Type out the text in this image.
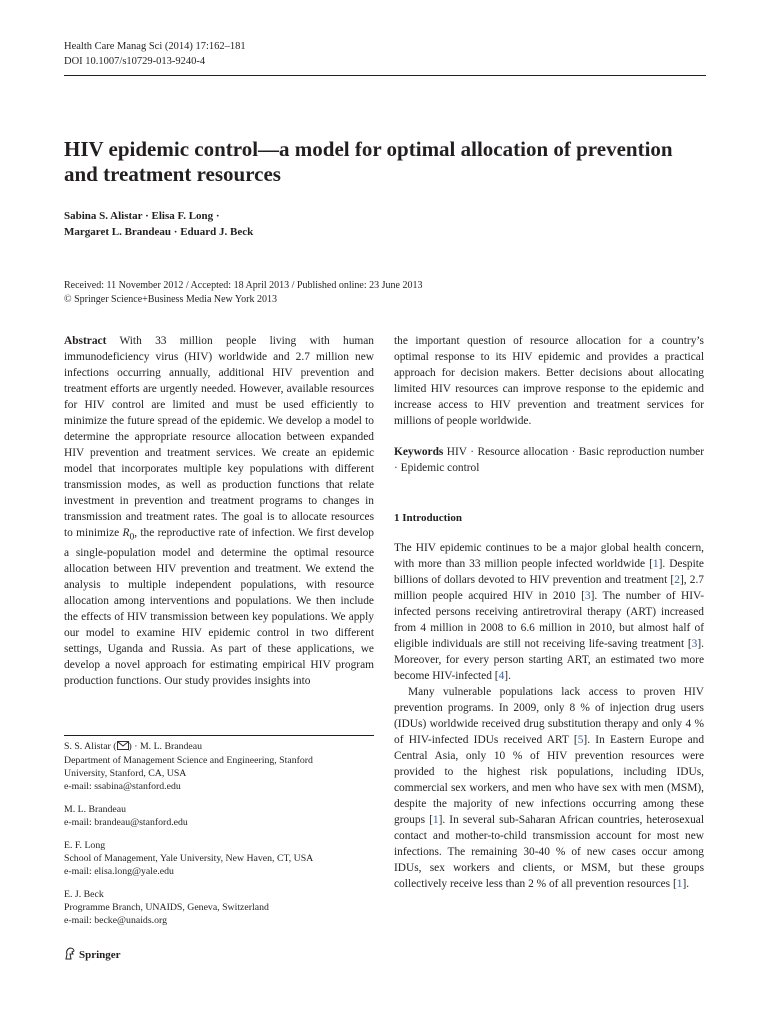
Health Care Manag Sci (2014) 17:162–181
DOI 10.1007/s10729-013-9240-4
HIV epidemic control—a model for optimal allocation of prevention and treatment resources
Sabina S. Alistar · Elisa F. Long ·
Margaret L. Brandeau · Eduard J. Beck
Received: 11 November 2012 / Accepted: 18 April 2013 / Published online: 23 June 2013
© Springer Science+Business Media New York 2013

Abstract With 33 million people living with human immunodeficiency virus (HIV) worldwide and 2.7 million new infections occurring annually, additional HIV prevention and treatment efforts are urgently needed. However, available resources for HIV control are limited and must be used efficiently to minimize the future spread of the epidemic. We develop a model to determine the appropriate resource allocation between expanded HIV prevention and treatment services. We create an epidemic model that incorporates multiple key populations with different transmission modes, as well as production functions that relate investment in prevention and treatment programs to changes in transmission and treatment rates. The goal is to allocate resources to minimize $R_0$, the reproductive rate of infection. We first develop a single-population model and determine the optimal resource allocation between HIV prevention and treatment. We extend the analysis to multiple independent populations, with resource allocation among interventions and populations. We then include the effects of HIV transmission between key populations. We apply our model to examine HIV epidemic control in two different settings, Uganda and Russia. As part of these applications, we develop a novel approach for estimating empirical HIV program production functions. Our study provides insights into

the important question of resource allocation for a country’s optimal response to its HIV epidemic and provides a practical approach for decision makers. Better decisions about allocating limited HIV resources can improve response to the epidemic and increase access to HIV prevention and treatment services for millions of people worldwide.

Keywords HIV · Resource allocation · Basic reproduction number · Epidemic control

1 Introduction

The HIV epidemic continues to be a major global health concern, with more than 33 million people infected worldwide [1]. Despite billions of dollars devoted to HIV prevention and treatment [2], 2.7 million people acquired HIV in 2010 [3]. The number of HIV-infected persons receiving antiretroviral therapy (ART) increased from 4 million in 2008 to 6.6 million in 2010, but almost half of eligible individuals are still not receiving life-saving treatment [3]. Moreover, for every person starting ART, an estimated two more become HIV-infected [4].

Many vulnerable populations lack access to proven HIV prevention programs. In 2009, only 8 % of injection drug users (IDUs) worldwide received drug substitution therapy and only 4 % of HIV-infected IDUs received ART [5]. In Eastern Europe and Central Asia, only 10 % of HIV prevention resources were provided to the highest risk populations, including IDUs, commercial sex workers, and men who have sex with men (MSM), despite the majority of new infections occurring among these groups [1]. In several sub-Saharan African countries, heterosexual contact and mother-to-child transmission account for most new infections. The remaining 30-40 % of new cases occur among IDUs, sex workers and clients, or MSM, but these groups collectively receive less than 2 % of all prevention resources [1].

S. S. Alistar ( ) · M. L. Brandeau
Department of Management Science and Engineering, Stanford
University, Stanford, CA, USA
e-mail: ssabina@stanford.edu
M. L. Brandeau
e-mail: brandeau@stanford.edu
E. F. Long
School of Management, Yale University, New Haven, CT, USA
e-mail: elisa.long@yale.edu
E. J. Beck
Programme Branch, UNAIDS, Geneva, Switzerland
e-mail: becke@unaids.org
Springer
